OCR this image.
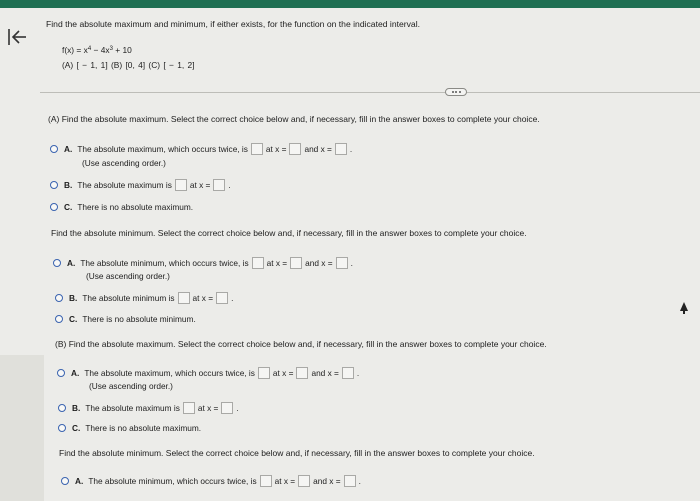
Find the absolute maximum and minimum, if either exists, for the function on the indicated interval.
$f(x) = x^4 - 4x^3 + 10$
(A) [ − 1, 1] (B) [0, 4] (C) [ − 1, 2]
(A) Find the absolute maximum. Select the correct choice below and, if necessary, fill in the answer boxes to complete your choice.
A. The absolute maximum, which occurs twice, is at x = and x = .
(Use ascending order.)
B. The absolute maximum is at x = .
C. There is no absolute maximum.
Find the absolute minimum. Select the correct choice below and, if necessary, fill in the answer boxes to complete your choice.
A. The absolute minimum, which occurs twice, is at x = and x = .
(Use ascending order.)
B. The absolute minimum is at x = .
C. There is no absolute minimum.
(B) Find the absolute maximum. Select the correct choice below and, if necessary, fill in the answer boxes to complete your choice.
A. The absolute maximum, which occurs twice, is at x = and x = .
(Use ascending order.)
B. The absolute maximum is at x = .
C. There is no absolute maximum.
Find the absolute minimum. Select the correct choice below and, if necessary, fill in the answer boxes to complete your choice.
A. The absolute minimum, which occurs twice, is at x = and x = .
